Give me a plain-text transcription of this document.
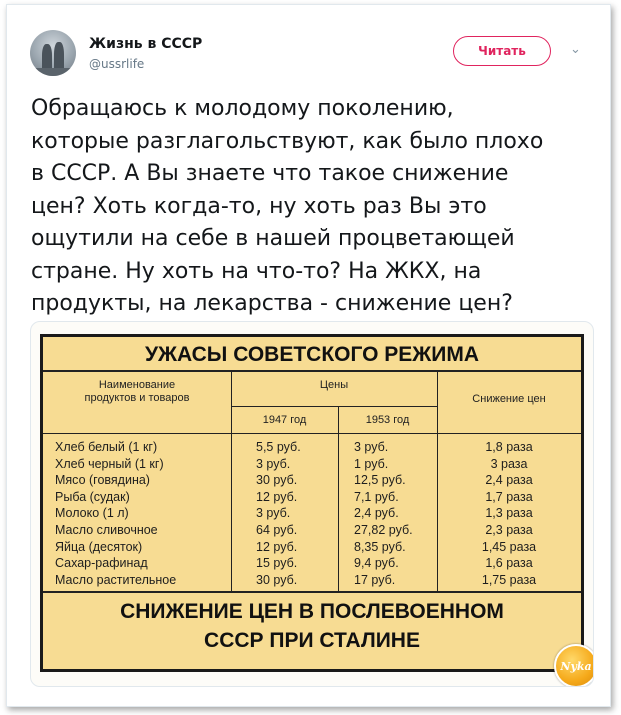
Жизнь в СССР
@ussrlife
Читать	⌄

Обращаюсь к молодому поколению,
которые разглагольствуют, как было плохо
в СССР. А Вы знаете что такое снижение
цен? Хоть когда-то, ну хоть раз Вы это
ощутили на себе в нашей процветающей
стране. Ну хоть на что-то? На ЖКХ, на
продукты, на лекарства - снижение цен?

УЖАСЫ СОВЕТСКОГО РЕЖИМА
Наименование
продуктов и товаров
Цены
1947 год	1953 год
Снижение цен
Хлеб белый (1 кг)
Хлеб черный (1 кг)
Мясо (говядина)
Рыба (судак)
Молоко (1 л)
Масло сливочное
Яйца (десяток)
Сахар-рафинад
Масло растительное
5,5 руб.
3 руб.
30 руб.
12 руб.
3 руб.
64 руб.
12 руб.
15 руб.
30 руб.
3 руб.
1 руб.
12,5 руб.
7,1 руб.
2,4 руб.
27,82 руб.
8,35 руб.
9,4 руб.
17 руб.
1,8 раза
3 раза
2,4 раза
1,7 раза
1,3 раза
2,3 раза
1,45 раза
1,6 раза
1,75 раза
СНИЖЕНИЕ ЦЕН В ПОСЛЕВОЕННОМ
СССР ПРИ СТАЛИНЕ
Nyka
